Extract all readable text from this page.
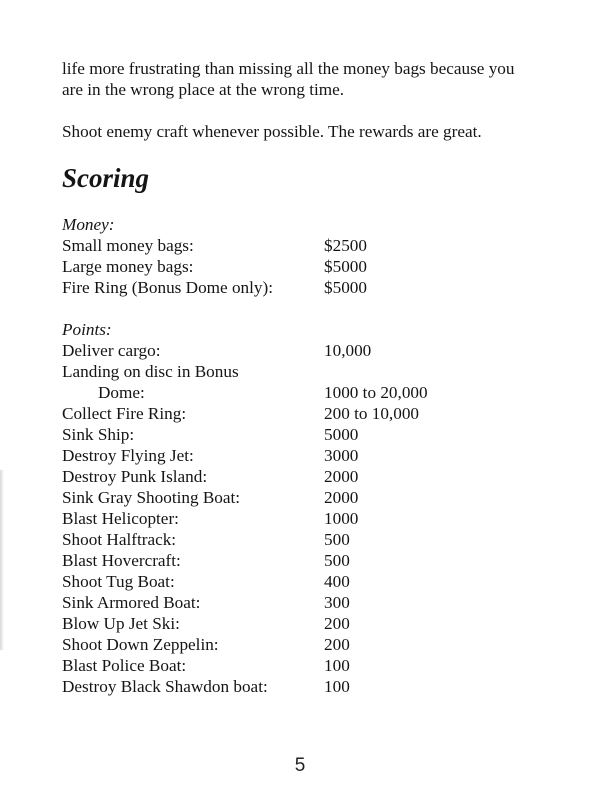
life more frustrating than missing all the money bags because you
are in the wrong place at the wrong time.

Shoot enemy craft whenever possible. The rewards are great.

Scoring
Money:
Small money bags:	$2500
Large money bags:	$5000
Fire Ring (Bonus Dome only):	$5000
Points:
Deliver cargo:	10,000
Landing on disc in Bonus
Dome:	1000 to 20,000
Collect Fire Ring:	200 to 10,000
Sink Ship:	5000
Destroy Flying Jet:	3000
Destroy Punk Island:	2000
Sink Gray Shooting Boat:	2000
Blast Helicopter:	1000
Shoot Halftrack:	500
Blast Hovercraft:	500
Shoot Tug Boat:	400
Sink Armored Boat:	300
Blow Up Jet Ski:	200
Shoot Down Zeppelin:	200
Blast Police Boat:	100
Destroy Black Shawdon boat:	100
5
